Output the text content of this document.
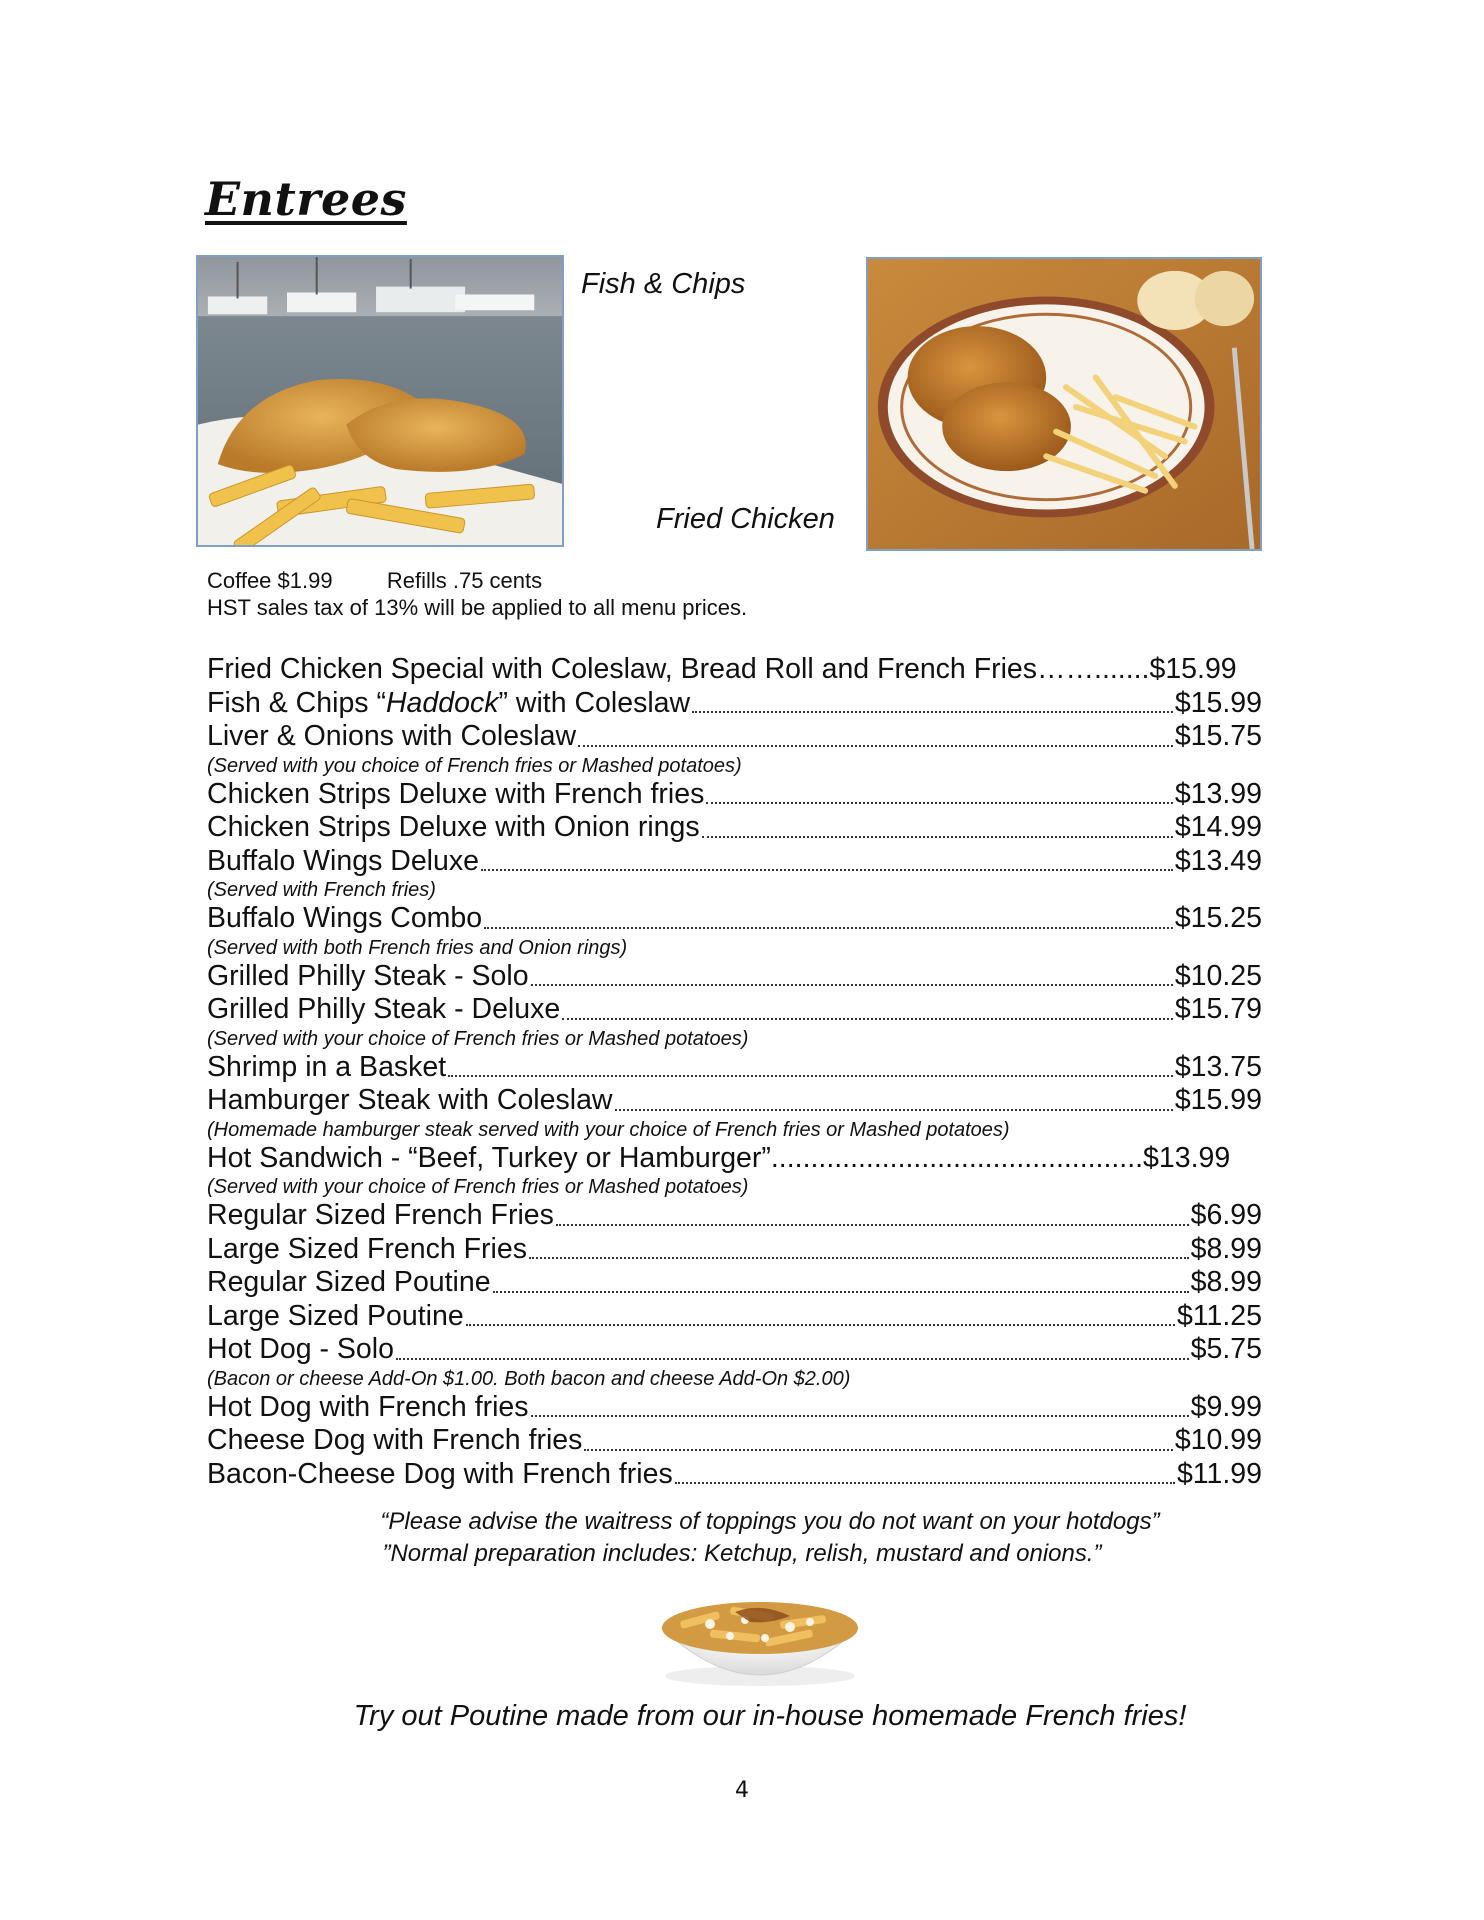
Entrees
Fish & Chips
Fried Chicken
Coffee $1.99 Refills .75 cents
HST sales tax of 13% will be applied to all menu prices.
Fried Chicken Special with Coleslaw, Bread Roll and French Fries ……....... $15.99
Fish & Chips “Haddock” with Coleslaw	$15.99
Liver & Onions with Coleslaw	$15.75
(Served with you choice of French fries or Mashed potatoes)
Chicken Strips Deluxe with French fries	$13.99
Chicken Strips Deluxe with Onion rings	$14.99
Buffalo Wings Deluxe	$13.49
(Served with French fries)
Buffalo Wings Combo	$15.25
(Served with both French fries and Onion rings)
Grilled Philly Steak - Solo	$10.25
Grilled Philly Steak - Deluxe	$15.79
(Served with your choice of French fries or Mashed potatoes)
Shrimp in a Basket	$13.75
Hamburger Steak with Coleslaw	$15.99
(Homemade hamburger steak served with your choice of French fries or Mashed potatoes)
Hot Sandwich - “Beef, Turkey or Hamburger” ............................................... $13.99
(Served with your choice of French fries or Mashed potatoes)
Regular Sized French Fries	$6.99
Large Sized French Fries	$8.99
Regular Sized Poutine	$8.99
Large Sized Poutine	$11.25
Hot Dog - Solo	$5.75
(Bacon or cheese Add-On $1.00. Both bacon and cheese Add-On $2.00)
Hot Dog with French fries	$9.99
Cheese Dog with French fries	$10.99
Bacon-Cheese Dog with French fries	$11.99
“Please advise the waitress of toppings you do not want on your hotdogs”
”Normal preparation includes: Ketchup, relish, mustard and onions.”
Try out Poutine made from our in-house homemade French fries!
4
